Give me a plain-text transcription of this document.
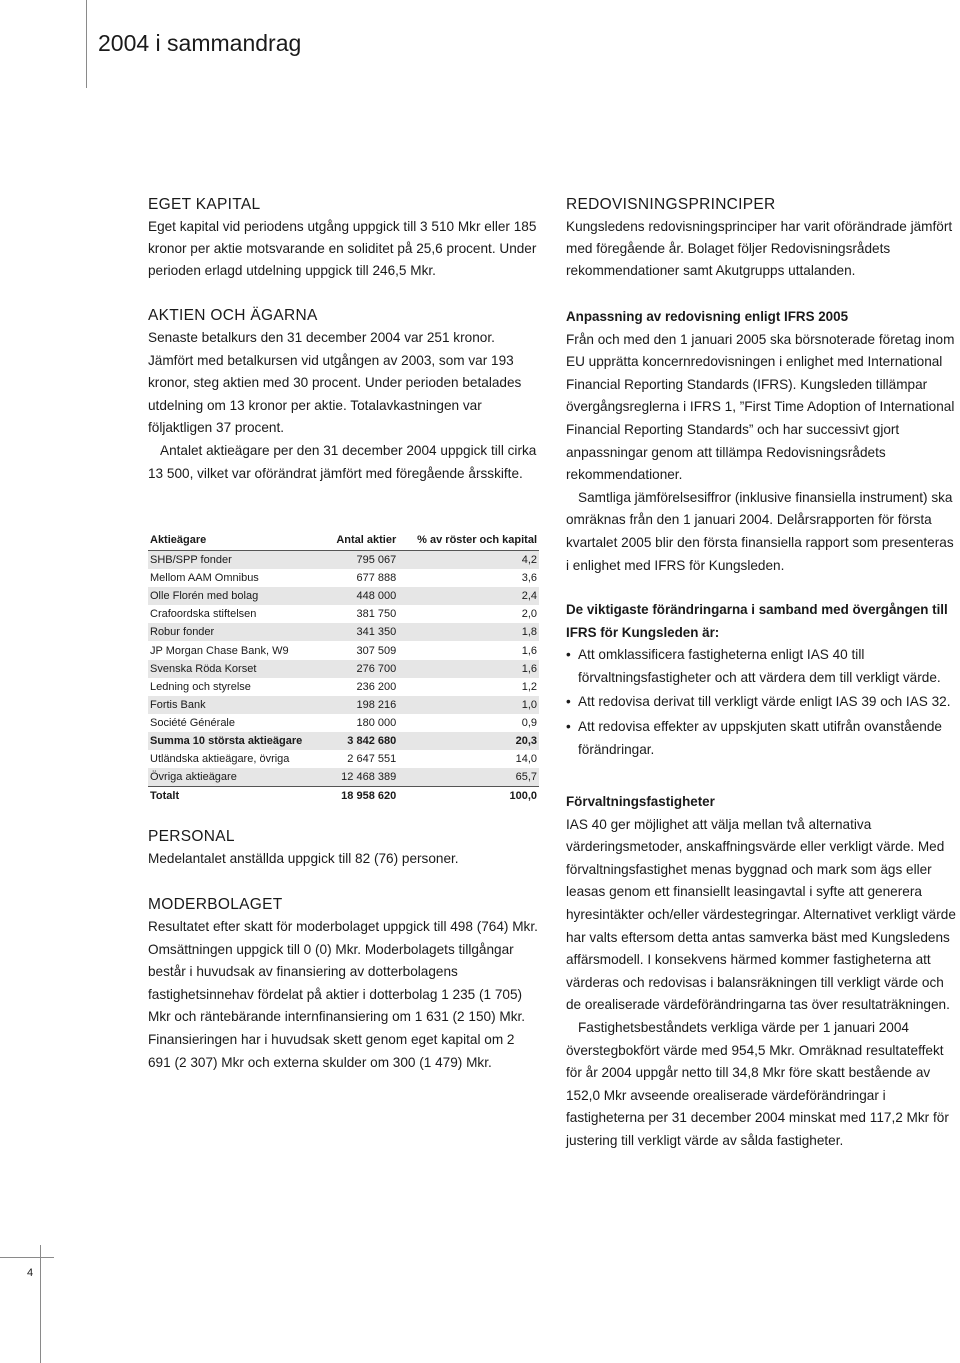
2004 i sammandrag
EGET KAPITAL

Eget kapital vid periodens utgång uppgick till 3 510 Mkr eller 185 kronor per aktie motsvarande en soliditet på 25,6 procent. Under perioden erlagd utdelning uppgick till 246,5 Mkr.

AKTIEN OCH ÄGARNA

Senaste betalkurs den 31 december 2004 var 251 kronor. Jämfört med betalkursen vid utgången av 2003, som var 193 kronor, steg aktien med 30 procent. Under perioden betalades utdelning om 13 kronor per aktie. Totalavkastningen var följaktligen 37 procent.

Antalet aktieägare per den 31 december 2004 uppgick till cirka 13 500, vilket var oförändrat jämfört med föregående årsskifte.

Aktieägare	Antal aktier	% av röster och kapital
SHB/SPP fonder	795 067	4,2
Mellom AAM Omnibus	677 888	3,6
Olle Florén med bolag	448 000	2,4
Crafoordska stiftelsen	381 750	2,0
Robur fonder	341 350	1,8
JP Morgan Chase Bank, W9	307 509	1,6
Svenska Röda Korset	276 700	1,6
Ledning och styrelse	236 200	1,2
Fortis Bank	198 216	1,0
Société Générale	180 000	0,9
Summa 10 största aktieägare	3 842 680	20,3
Utländska aktieägare, övriga	2 647 551	14,0
Övriga aktieägare	12 468 389	65,7
Totalt	18 958 620	100,0
PERSONAL

Medelantalet anställda uppgick till 82 (76) personer.

MODERBOLAGET

Resultatet efter skatt för moderbolaget uppgick till 498 (764) Mkr. Omsättningen uppgick till 0 (0) Mkr. Moderbolagets tillgångar består i huvudsak av finansiering av dotterbolagens fastighetsinnehav fördelat på aktier i dotterbolag 1 235 (1 705) Mkr och räntebärande internfinansiering om 1 631 (2 150) Mkr. Finansieringen har i huvudsak skett genom eget kapital om 2 691 (2 307) Mkr och externa skulder om 300 (1 479) Mkr.

REDOVISNINGSPRINCIPER

Kungsledens redovisningsprinciper har varit oförändrade jämfört med föregående år. Bolaget följer Redovisningsrådets rekommendationer samt Akutgrupps uttalanden.

Anpassning av redovisning enligt IFRS 2005

Från och med den 1 januari 2005 ska börsnoterade företag inom EU upprätta koncernredovisningen i enlighet med International Financial Reporting Standards (IFRS). Kungsleden tillämpar övergångsreglerna i IFRS 1, ”First Time Adoption of International Financial Reporting Standards” och har successivt gjort anpassningar genom att tillämpa Redovisningsrådets rekommendationer.

Samtliga jämförelsesiffror (inklusive finansiella instrument) ska omräknas från den 1 januari 2004. Delårsrapporten för första kvartalet 2005 blir den första finansiella rapport som presenteras i enlighet med IFRS för Kungsleden.

De viktigaste förändringarna i samband med övergången till IFRS för Kungsleden är:

• Att omklassificera fastigheterna enligt IAS 40 till förvaltningsfastigheter och att värdera dem till verkligt värde.
• Att redovisa derivat till verkligt värde enligt IAS 39 och IAS 32.
• Att redovisa effekter av uppskjuten skatt utifrån ovanstående förändringar.

Förvaltningsfastigheter

IAS 40 ger möjlighet att välja mellan två alternativa värderingsmetoder, anskaffningsvärde eller verkligt värde. Med förvaltningsfastighet menas byggnad och mark som ägs eller leasas genom ett finansiellt leasingavtal i syfte att generera hyresintäkter och/eller värdestegringar. Alternativet verkligt värde har valts eftersom detta antas samverka bäst med Kungsledens affärsmodell. I konsekvens härmed kommer fastigheterna att värderas och redovisas i balansräkningen till verkligt värde och de orealiserade värdeförändringarna tas över resultaträkningen.

Fastighetsbeståndets verkliga värde per 1 januari 2004 överstegbokfört värde med 954,5 Mkr. Omräknad resultateffekt för år 2004 uppgår netto till 34,8 Mkr före skatt bestående av 152,0 Mkr avseende orealiserade värdeförändringar i fastigheterna per 31 december 2004 minskat med 117,2 Mkr för justering till verkligt värde av sålda fastigheter.

4
